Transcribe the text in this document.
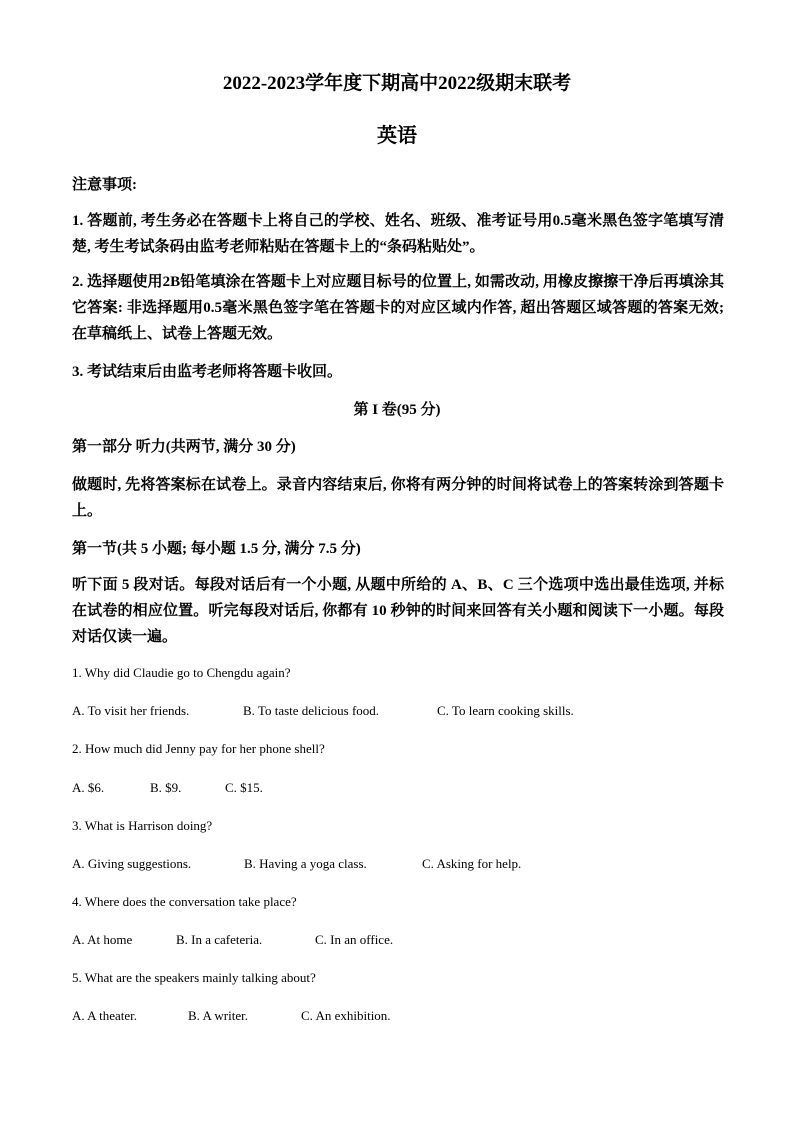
2022-2023学年度下期高中2022级期末联考
英语
注意事项:
1. 答题前, 考生务必在答题卡上将自己的学校、姓名、班级、准考证号用0.5毫米黑色签字笔填写清楚, 考生考试条码由监考老师粘贴在答题卡上的“条码粘贴处”。
2. 选择题使用2B铅笔填涂在答题卡上对应题目标号的位置上, 如需改动, 用橡皮擦擦干净后再填涂其它答案: 非选择题用0.5毫米黑色签字笔在答题卡的对应区域内作答, 超出答题区域答题的答案无效; 在草稿纸上、试卷上答题无效。
3. 考试结束后由监考老师将答题卡收回。
第 I 卷(95 分)
第一部分 听力(共两节, 满分 30 分)
做题时, 先将答案标在试卷上。录音内容结束后, 你将有两分钟的时间将试卷上的答案转涂到答题卡上。
第一节(共 5 小题; 每小题 1.5 分, 满分 7.5 分)
听下面 5 段对话。每段对话后有一个小题, 从题中所给的 A、B、C 三个选项中选出最佳选项, 并标在试卷的相应位置。听完每段对话后, 你都有 10 秒钟的时间来回答有关小题和阅读下一小题。每段对话仅读一遍。
1. Why did Claudie go to Chengdu again?
A. To visit her friends.	B. To taste delicious food.	C. To learn cooking skills.
2. How much did Jenny pay for her phone shell?
A. $6.	B. $9.	C. $15.
3. What is Harrison doing?
A. Giving suggestions.	B. Having a yoga class.	C. Asking for help.
4. Where does the conversation take place?
A. At home	B. In a cafeteria.	C. In an office.
5. What are the speakers mainly talking about?
A. A theater.	B. A writer.	C. An exhibition.
